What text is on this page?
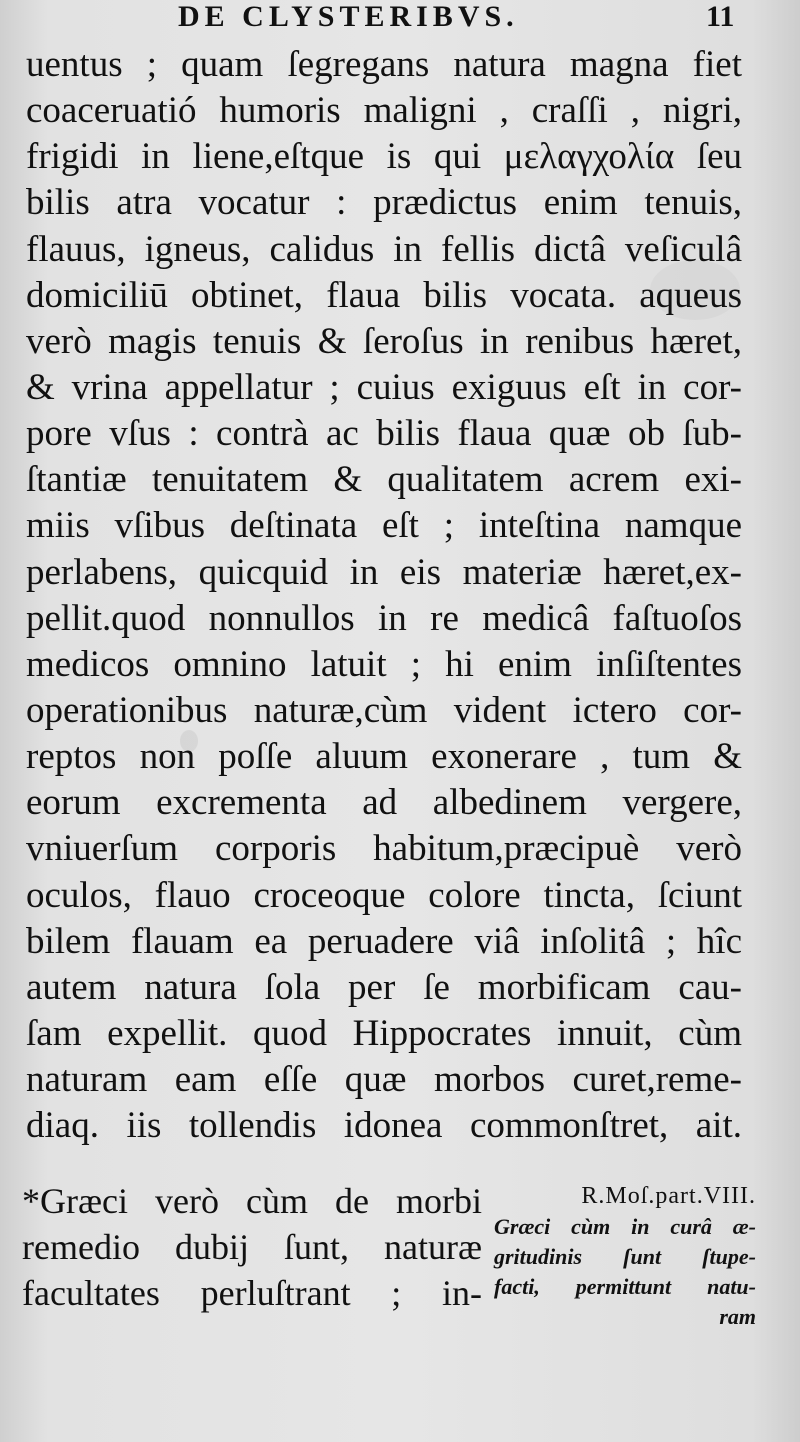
DE CLYSTERIBVS.	11
uentus ; quam ſegregans natura magna fiet
coaceruatió humoris maligni , craſſi , nigri,
frigidi in liene,eſtque is qui μελαγχολία ſeu
bilis atra vocatur : prædictus enim tenuis,
flauus, igneus, calidus in fellis dictâ veſiculâ
domiciliū obtinet, flaua bilis vocata. aqueus
verò magis tenuis & ſeroſus in renibus hæret,
& vrina appellatur ; cuius exiguus eſt in cor-
pore vſus : contrà ac bilis flaua quæ ob ſub-
ſtantiæ tenuitatem & qualitatem acrem exi-
miis vſibus deſtinata eſt ; inteſtina namque
perlabens, quicquid in eis materiæ hæret,ex-
pellit.quod nonnullos in re medicâ faſtuoſos
medicos omnino latuit ; hi enim inſiſtentes
operationibus naturæ,cùm vident ictero cor-
reptos non poſſe aluum exonerare , tum &
eorum excrementa ad albedinem vergere,
vniuerſum corporis habitum,præcipuè verò
oculos, flauo croceoque colore tincta, ſciunt
bilem flauam ea peruadere viâ inſolitâ ; hîc
autem natura ſola per ſe morbificam cau-
ſam expellit. quod Hippocrates innuit, cùm
naturam eam eſſe quæ morbos curet,reme-
diaq. iis tollendis idonea commonſtret, ait.
*Græci verò cùm de morbi
remedio dubij ſunt, naturæ
facultates perluſtrant ; in-
R.Moſ.part.VIII.
Græci cùm in curâ æ-
gritudinis ſunt ſtupe-
facti, permittunt natu-
ram
